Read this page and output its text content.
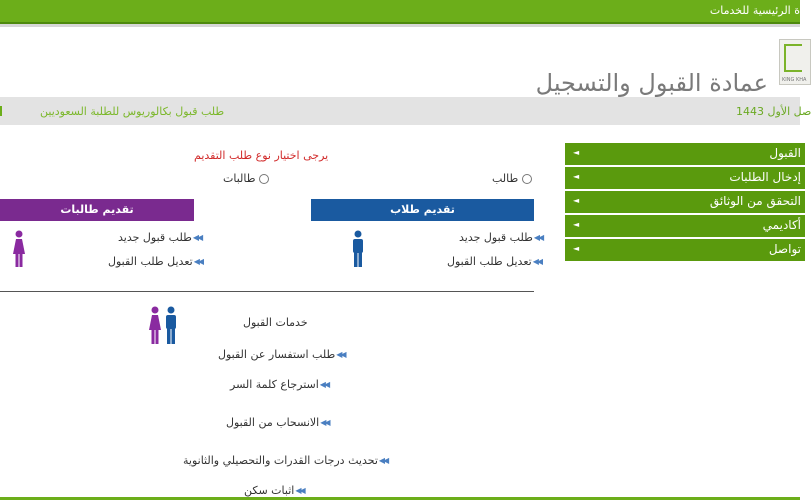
ة الرئيسية للخدمات
KING KHA
عمادة القبول والتسجيل
طلب قبول بكالوريوس للطلبة السعوديين	صل الأول 1443
◄	القبول
◄	إدخال الطلبات
◄	التحقق من الوثائق
◄	أكاديمي
◄	تواصل
يرجى اختيار نوع طلب التقديم
طالب
طالبات
تقديم طلاب
تقديم طالبات
طلب قبول جديد ◀◀
تعديل طلب القبول ◀◀
طلب قبول جديد ◀◀
تعديل طلب القبول ◀◀
خدمات القبول
طلب استفسار عن القبول ◀◀
استرجاع كلمة السر ◀◀
الانسحاب من القبول ◀◀
تحديث درجات القدرات والتحصيلي والثانوية ◀◀
اثبات سكن ◀◀
